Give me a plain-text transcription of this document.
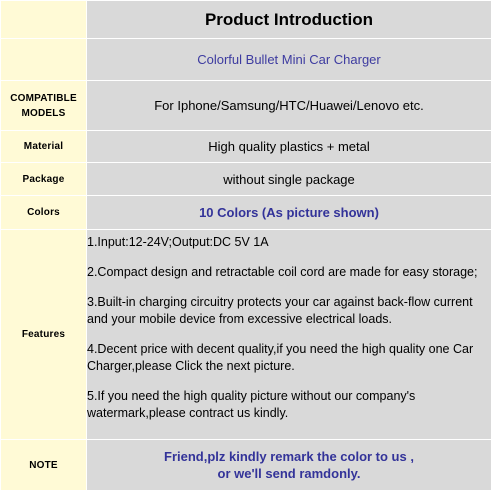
	Product Introduction
	Colorful Bullet Mini Car Charger
COMPATIBLE
MODELS	For Iphone/Samsung/HTC/Huawei/Lenovo etc.
Material	High quality plastics + metal
Package	without single package
Colors	10 Colors (As picture shown)
Features	1.Input:12-24V;Output:DC 5V 1A

2.Compact design and retractable coil cord are made for easy storage;

3.Built-in charging circuitry protects your car against back-flow current and your mobile device from excessive electrical loads.

4.Decent price with decent quality,if you need the high quality one Car Charger,please Click the next picture.

5.If you need the high quality picture without our company's watermark,please contract us kindly.

NOTE	Friend,plz kindly remark the color to us ,
or we'll send ramdonly.
